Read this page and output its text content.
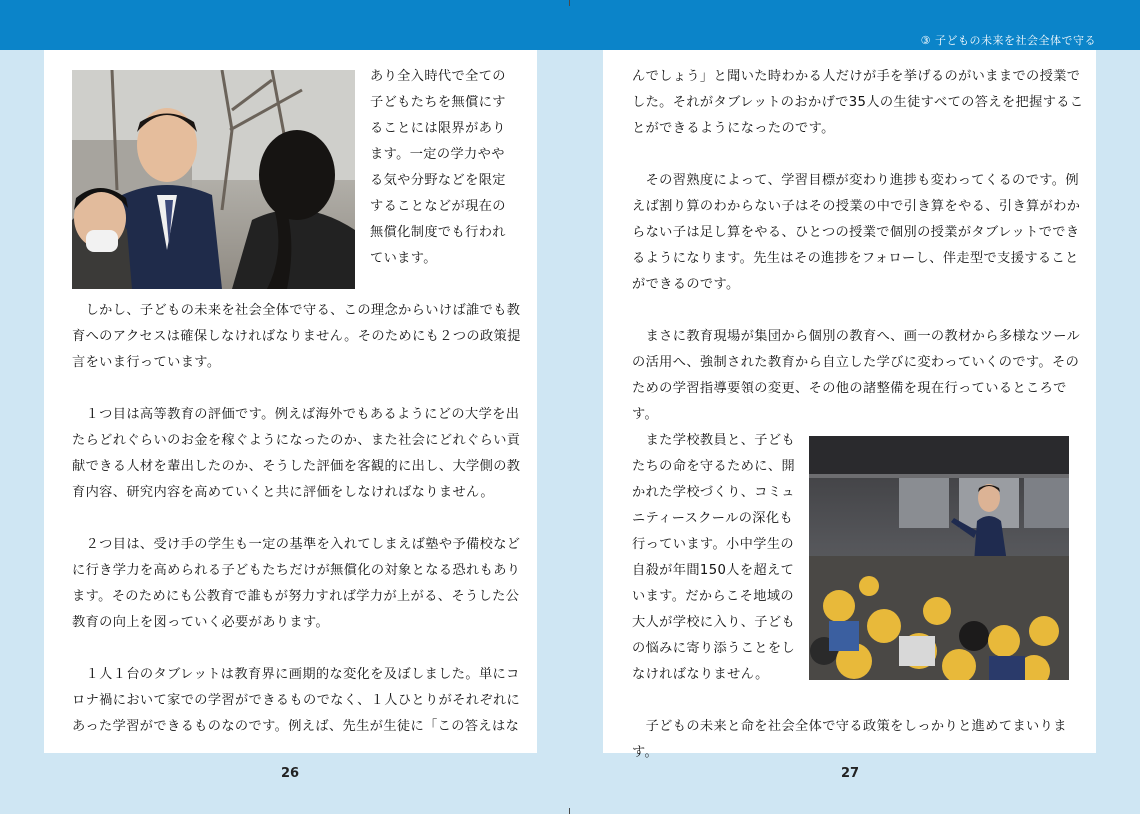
③ 子どもの未来を社会全体で守る

あり全入時代で全ての

子どもたちを無償にす

ることには限界があり

ます。一定の学力やや

る気や分野などを限定

することなどが現在の

無償化制度でも行われ

ています。

　しかし、子どもの未来を社会全体で守る、この理念からいけば誰でも教

育へのアクセスは確保しなければなりません。そのためにも２つの政策提

言をいま行っています。

　１つ目は高等教育の評価です。例えば海外でもあるようにどの大学を出

たらどれぐらいのお金を稼ぐようになったのか、また社会にどれぐらい貢

献できる人材を輩出したのか、そうした評価を客観的に出し、大学側の教

育内容、研究内容を高めていくと共に評価をしなければなりません。

　２つ目は、受け手の学生も一定の基準を入れてしまえば塾や予備校など

に行き学力を高められる子どもたちだけが無償化の対象となる恐れもあり

ます。そのためにも公教育で誰もが努力すれば学力が上がる、そうした公

教育の向上を図っていく必要があります。

　１人１台のタブレットは教育界に画期的な変化を及ぼしました。単にコ

ロナ禍において家での学習ができるものでなく、１人ひとりがそれぞれに

あった学習ができるものなのです。例えば、先生が生徒に「この答えはな

26

んでしょう」と聞いた時わかる人だけが手を挙げるのがいままでの授業で

した。それがタブレットのおかげで35人の生徒すべての答えを把握するこ

とができるようになったのです。

　その習熟度によって、学習目標が変わり進捗も変わってくるのです。例

えば割り算のわからない子はその授業の中で引き算をやる、引き算がわか

らない子は足し算をやる、ひとつの授業で個別の授業がタブレットででき

るようになります。先生はその進捗をフォローし、伴走型で支援すること

ができるのです。

　まさに教育現場が集団から個別の教育へ、画一の教材から多様なツール

の活用へ、強制された教育から自立した学びに変わっていくのです。その

ための学習指導要領の変更、その他の諸整備を現在行っているところです。

　また学校教員と、子ども

たちの命を守るために、開

かれた学校づくり、コミュ

ニティースクールの深化も

行っています。小中学生の

自殺が年間150人を超えて

います。だからこそ地域の

大人が学校に入り、子ども

の悩みに寄り添うことをし

なければなりません。

　子どもの未来と命を社会全体で守る政策をしっかりと進めてまいります。

27
